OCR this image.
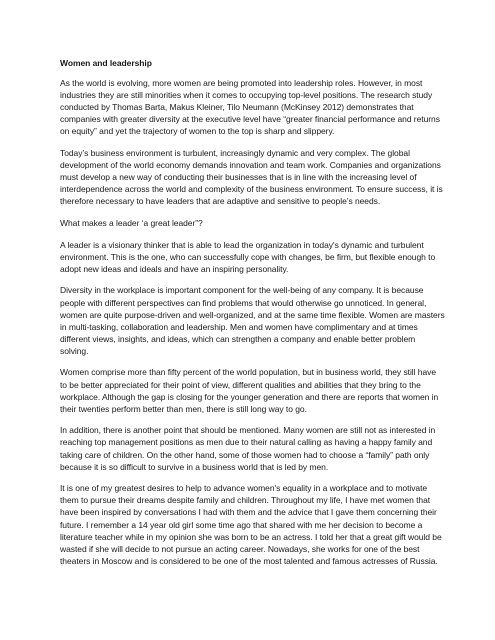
Women and leadership

As the world is evolving, more women are being promoted into leadership roles. However, in most industries they are still minorities when it comes to occupying top-level positions. The research study conducted by Thomas Barta, Makus Kleiner, Tilo Neumann (McKinsey 2012) demonstrates that companies with greater diversity at the executive level have “greater financial performance and returns on equity” and yet the trajectory of women to the top is sharp and slippery.

Today’s business environment is turbulent, increasingly dynamic and very complex. The global development of the world economy demands innovation and team work. Companies and organizations must develop a new way of conducting their businesses that is in line with the increasing level of interdependence across the world and complexity of the business environment. To ensure success, it is therefore necessary to have leaders that are adaptive and sensitive to people’s needs.

What makes a leader ‘a great leader”?

A leader is a visionary thinker that is able to lead the organization in today's dynamic and turbulent environment. This is the one, who can successfully cope with changes, be firm, but flexible enough to adopt new ideas and ideals and have an inspiring personality.

Diversity in the workplace is important component for the well-being of any company. It is because people with different perspectives can find problems that would otherwise go unnoticed. In general, women are quite purpose-driven and well-organized, and at the same time flexible. Women are masters in multi-tasking, collaboration and leadership. Men and women have complimentary and at times different views, insights, and ideas, which can strengthen a company and enable better problem solving.

Women comprise more than fifty percent of the world population, but in business world, they still have to be better appreciated for their point of view, different qualities and abilities that they bring to the workplace. Although the gap is closing for the younger generation and there are reports that women in their twenties perform better than men, there is still long way to go.

In addition, there is another point that should be mentioned. Many women are still not as interested in reaching top management positions as men due to their natural calling as having a happy family and taking care of children. On the other hand, some of those women had to choose a “family” path only because it is so difficult to survive in a business world that is led by men.

It is one of my greatest desires to help to advance women's equality in a workplace and to motivate them to pursue their dreams despite family and children. Throughout my life, I have met women that have been inspired by conversations I had with them and the advice that I gave them concerning their future. I remember a 14 year old girl some time ago that shared with me her decision to become a literature teacher while in my opinion she was born to be an actress. I told her that a great gift would be wasted if she will decide to not pursue an acting career. Nowadays, she works for one of the best theaters in Moscow and is considered to be one of the most talented and famous actresses of Russia.
